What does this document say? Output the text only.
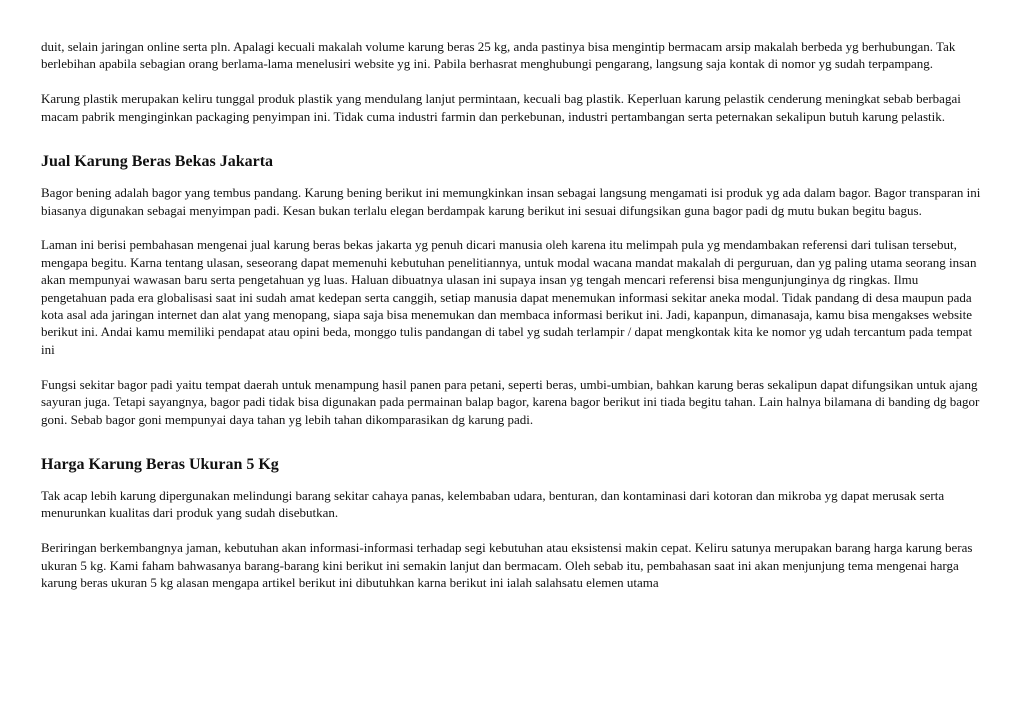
duit, selain jaringan online serta pln. Apalagi kecuali makalah volume karung beras 25 kg, anda pastinya bisa mengintip bermacam arsip makalah berbeda yg berhubungan. Tak berlebihan apabila sebagian orang berlama-lama menelusiri website yg ini. Pabila berhasrat menghubungi pengarang, langsung saja kontak di nomor yg sudah terpampang.

Karung plastik merupakan keliru tunggal produk plastik yang mendulang lanjut permintaan, kecuali bag plastik. Keperluan karung pelastik cenderung meningkat sebab berbagai macam pabrik menginginkan packaging penyimpan ini. Tidak cuma industri farmin dan perkebunan, industri pertambangan serta peternakan sekalipun butuh karung pelastik.

Jual Karung Beras Bekas Jakarta

Bagor bening adalah bagor yang tembus pandang. Karung bening berikut ini memungkinkan insan sebagai langsung mengamati isi produk yg ada dalam bagor. Bagor transparan ini biasanya digunakan sebagai menyimpan padi. Kesan bukan terlalu elegan berdampak karung berikut ini sesuai difungsikan guna bagor padi dg mutu bukan begitu bagus.

Laman ini berisi pembahasan mengenai jual karung beras bekas jakarta yg penuh dicari manusia oleh karena itu melimpah pula yg mendambakan referensi dari tulisan tersebut, mengapa begitu. Karna tentang ulasan, seseorang dapat memenuhi kebutuhan penelitiannya, untuk modal wacana mandat makalah di perguruan, dan yg paling utama seorang insan akan mempunyai wawasan baru serta pengetahuan yg luas. Haluan dibuatnya ulasan ini supaya insan yg tengah mencari referensi bisa mengunjunginya dg ringkas. Ilmu pengetahuan pada era globalisasi saat ini sudah amat kedepan serta canggih, setiap manusia dapat menemukan informasi sekitar aneka modal. Tidak pandang di desa maupun pada kota asal ada jaringan internet dan alat yang menopang, siapa saja bisa menemukan dan membaca informasi berikut ini. Jadi, kapanpun, dimanasaja, kamu bisa mengakses website berikut ini. Andai kamu memiliki pendapat atau opini beda, monggo tulis pandangan di tabel yg sudah terlampir / dapat mengkontak kita ke nomor yg udah tercantum pada tempat ini

Fungsi sekitar bagor padi yaitu tempat daerah untuk menampung hasil panen para petani, seperti beras, umbi-umbian, bahkan karung beras sekalipun dapat difungsikan untuk ajang sayuran juga. Tetapi sayangnya, bagor padi tidak bisa digunakan pada permainan balap bagor, karena bagor berikut ini tiada begitu tahan. Lain halnya bilamana di banding dg bagor goni. Sebab bagor goni mempunyai daya tahan yg lebih tahan dikomparasikan dg karung padi.

Harga Karung Beras Ukuran 5 Kg

Tak acap lebih karung dipergunakan melindungi barang sekitar cahaya panas, kelembaban udara, benturan, dan kontaminasi dari kotoran dan mikroba yg dapat merusak serta menurunkan kualitas dari produk yang sudah disebutkan.

Beriringan berkembangnya jaman, kebutuhan akan informasi-informasi terhadap segi kebutuhan atau eksistensi makin cepat. Keliru satunya merupakan barang harga karung beras ukuran 5 kg. Kami faham bahwasanya barang-barang kini berikut ini semakin lanjut dan bermacam. Oleh sebab itu, pembahasan saat ini akan menjunjung tema mengenai harga karung beras ukuran 5 kg alasan mengapa artikel berikut ini dibutuhkan karna berikut ini ialah salahsatu elemen utama
